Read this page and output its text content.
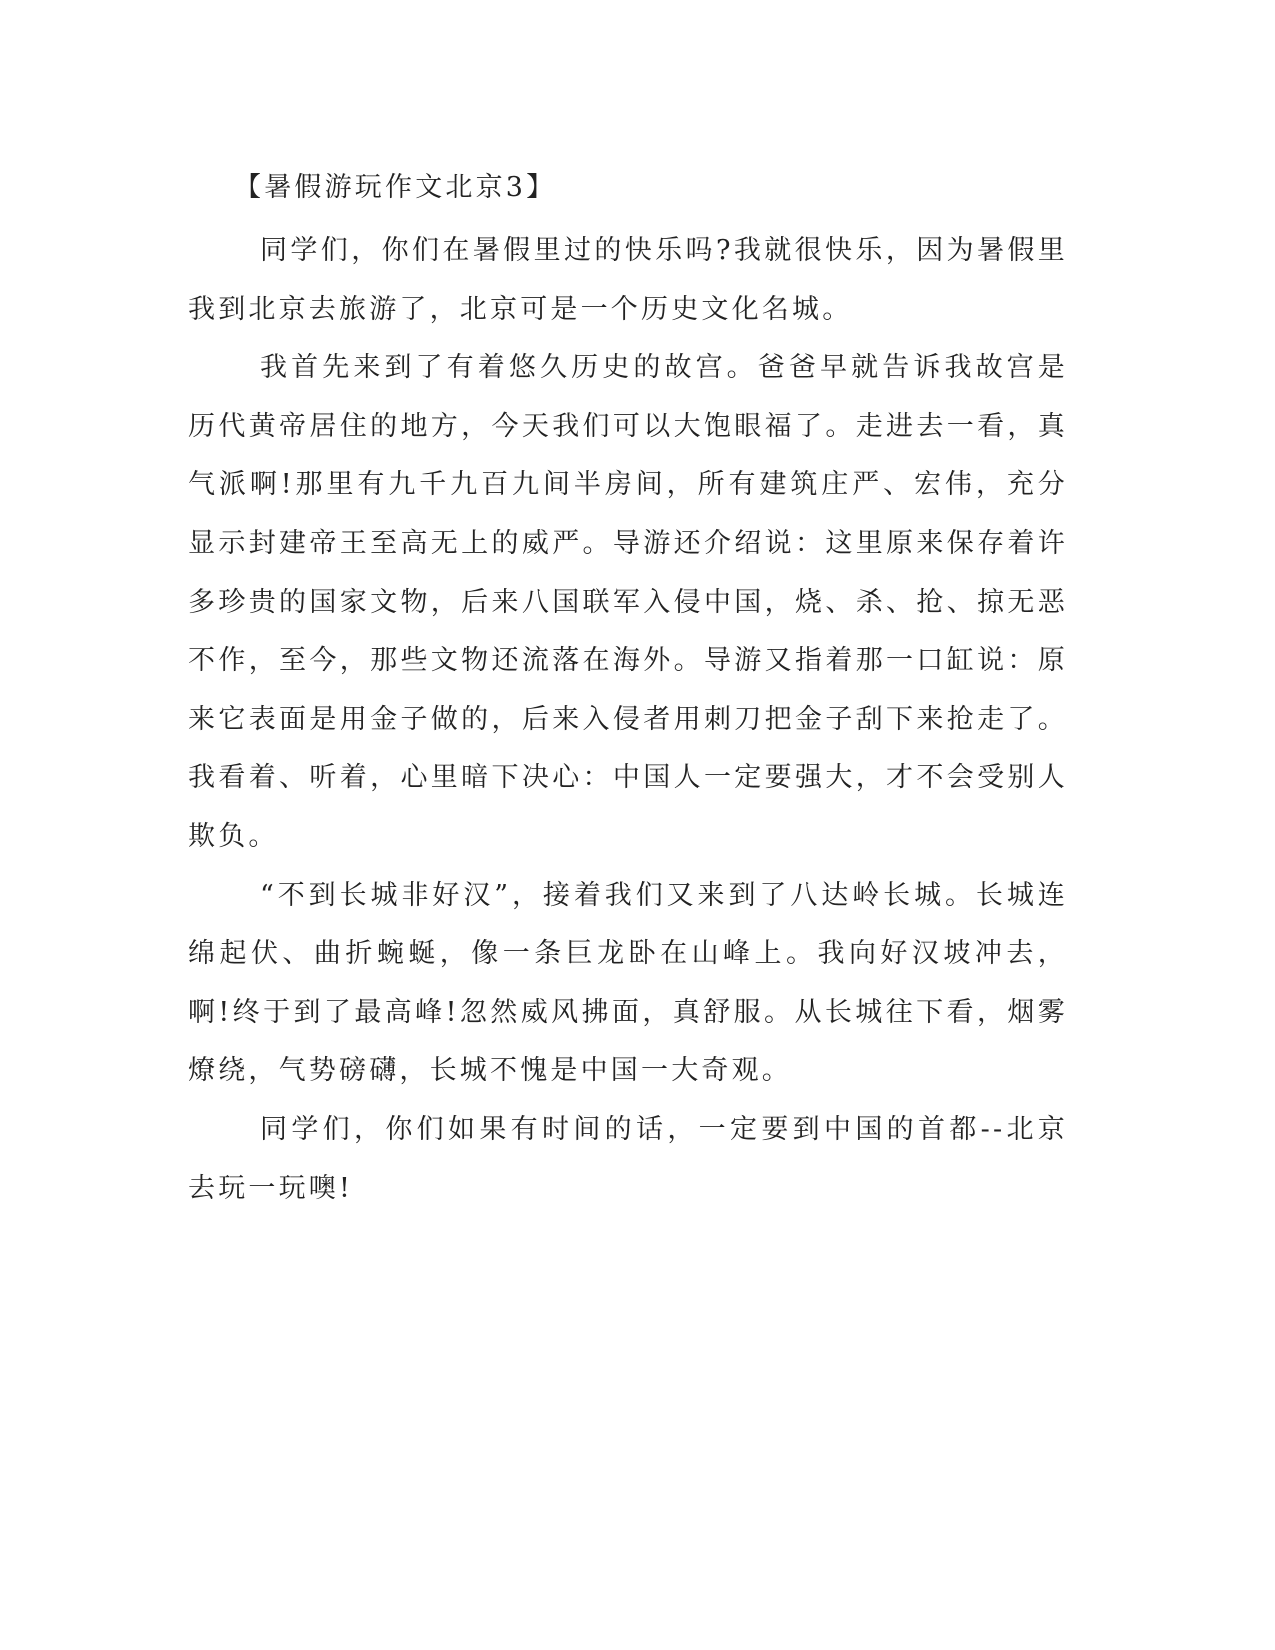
【暑假游玩作文北京3】

同学们，你们在暑假里过的快乐吗?我就很快乐，因为暑假里我到北京去旅游了，北京可是一个历史文化名城。

我首先来到了有着悠久历史的故宫。爸爸早就告诉我故宫是历代黄帝居住的地方，今天我们可以大饱眼福了。走进去一看，真气派啊!那里有九千九百九间半房间，所有建筑庄严、宏伟，充分显示封建帝王至高无上的威严。导游还介绍说：这里原来保存着许多珍贵的国家文物，后来八国联军入侵中国，烧、杀、抢、掠无恶不作，至今，那些文物还流落在海外。导游又指着那一口缸说：原来它表面是用金子做的，后来入侵者用刺刀把金子刮下来抢走了。我看着、听着，心里暗下决心：中国人一定要强大，才不会受别人欺负。

“不到长城非好汉”，接着我们又来到了八达岭长城。长城连绵起伏、曲折蜿蜒，像一条巨龙卧在山峰上。我向好汉坡冲去，啊!终于到了最高峰!忽然威风拂面，真舒服。从长城往下看，烟雾燎绕，气势磅礴，长城不愧是中国一大奇观。

同学们，你们如果有时间的话，一定要到中国的首都--北京去玩一玩噢!
